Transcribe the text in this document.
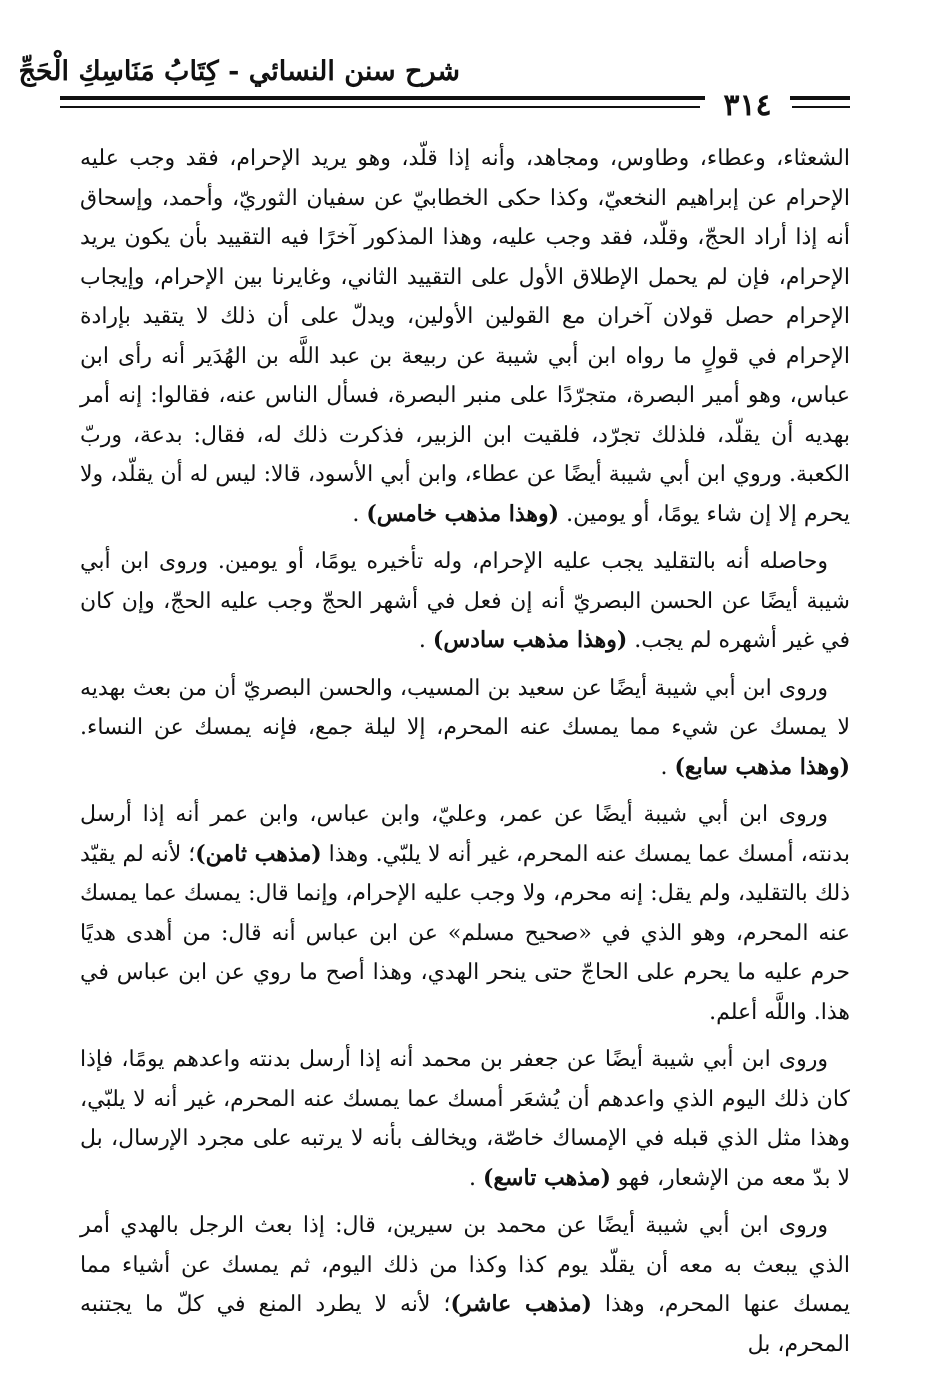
شرح سنن النسائي - كِتَابُ مَنَاسِكِ الْحَجِّ
٣١٤

الشعثاء، وعطاء، وطاوس، ومجاهد، وأنه إذا قلّد، وهو يريد الإحرام، فقد وجب عليه الإحرام عن إبراهيم النخعيّ، وكذا حكى الخطابيّ عن سفيان الثوريّ، وأحمد، وإسحاق أنه إذا أراد الحجّ، وقلّد، فقد وجب عليه، وهذا المذكور آخرًا فيه التقييد بأن يكون يريد الإحرام، فإن لم يحمل الإطلاق الأول على التقييد الثاني، وغايرنا بين الإحرام، وإيجاب الإحرام حصل قولان آخران مع القولين الأولين، ويدلّ على أن ذلك لا يتقيد بإرادة الإحرام في قولٍ ما رواه ابن أبي شيبة عن ربيعة بن عبد اللَّه بن الهُدَير أنه رأى ابن عباس، وهو أمير البصرة، متجرّدًا على منبر البصرة، فسأل الناس عنه، فقالوا: إنه أمر بهديه أن يقلّد، فلذلك تجرّد، فلقيت ابن الزبير، فذكرت ذلك له، فقال: بدعة، وربّ الكعبة. وروي ابن أبي شيبة أيضًا عن عطاء، وابن أبي الأسود، قالا: ليس له أن يقلّد، ولا يحرم إلا إن شاء يومًا، أو يومين. (وهذا مذهب خامس) .

وحاصله أنه بالتقليد يجب عليه الإحرام، وله تأخيره يومًا، أو يومين. وروى ابن أبي شيبة أيضًا عن الحسن البصريّ أنه إن فعل في أشهر الحجّ وجب عليه الحجّ، وإن كان في غير أشهره لم يجب. (وهذا مذهب سادس) .

وروى ابن أبي شيبة أيضًا عن سعيد بن المسيب، والحسن البصريّ أن من بعث بهديه لا يمسك عن شيء مما يمسك عنه المحرم، إلا ليلة جمع، فإنه يمسك عن النساء. (وهذا مذهب سابع) .

وروى ابن أبي شيبة أيضًا عن عمر، وعليّ، وابن عباس، وابن عمر أنه إذا أرسل بدنته، أمسك عما يمسك عنه المحرم، غير أنه لا يلبّي. وهذا (مذهب ثامن)؛ لأنه لم يقيّد ذلك بالتقليد، ولم يقل: إنه محرم، ولا وجب عليه الإحرام، وإنما قال: يمسك عما يمسك عنه المحرم، وهو الذي في «صحيح مسلم» عن ابن عباس أنه قال: من أهدى هديًا حرم عليه ما يحرم على الحاجّ حتى ينحر الهدي، وهذا أصح ما روي عن ابن عباس في هذا. واللَّه أعلم.

وروى ابن أبي شيبة أيضًا عن جعفر بن محمد أنه إذا أرسل بدنته واعدهم يومًا، فإذا كان ذلك اليوم الذي واعدهم أن يُشعَر أمسك عما يمسك عنه المحرم، غير أنه لا يلبّي، وهذا مثل الذي قبله في الإمساك خاصّة، ويخالف بأنه لا يرتبه على مجرد الإرسال، بل لا بدّ معه من الإشعار، فهو (مذهب تاسع) .

وروى ابن أبي شيبة أيضًا عن محمد بن سيرين، قال: إذا بعث الرجل بالهدي أمر الذي يبعث به معه أن يقلّد يوم كذا وكذا من ذلك اليوم، ثم يمسك عن أشياء مما يمسك عنها المحرم، وهذا (مذهب عاشر)؛ لأنه لا يطرد المنع في كلّ ما يجتنبه المحرم، بل
